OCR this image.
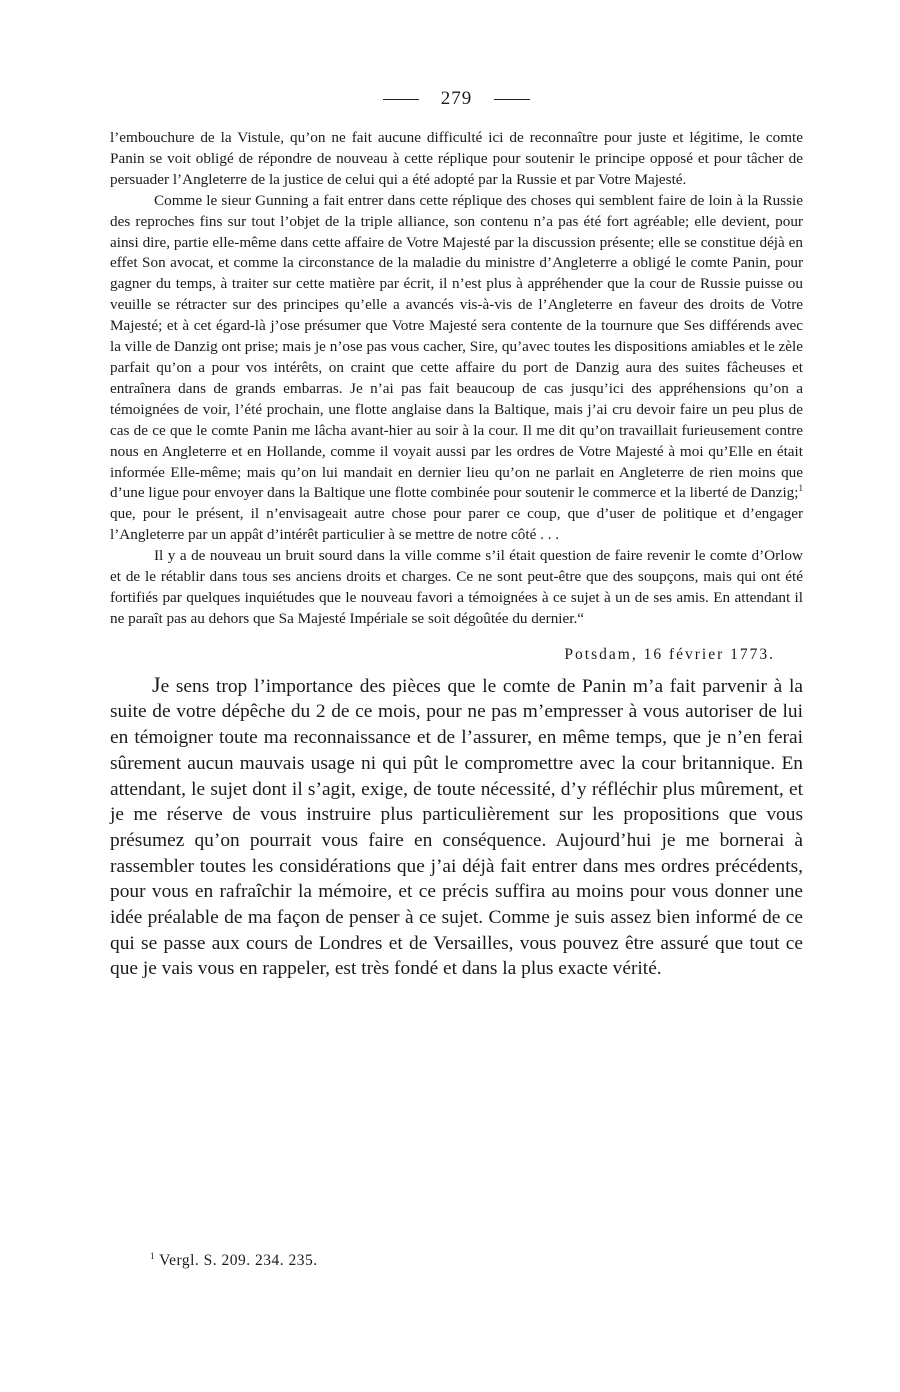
279

l’embouchure de la Vistule, qu’on ne fait aucune difficulté ici de reconnaître pour juste et légitime, le comte Panin se voit obligé de répondre de nouveau à cette réplique pour soutenir le principe opposé et pour tâcher de persuader l’Angleterre de la justice de celui qui a été adopté par la Russie et par Votre Majesté.

Comme le sieur Gunning a fait entrer dans cette réplique des choses qui semblent faire de loin à la Russie des reproches fins sur tout l’objet de la triple alliance, son contenu n’a pas été fort agréable; elle devient, pour ainsi dire, partie elle-même dans cette affaire de Votre Majesté par la discussion présente; elle se constitue déjà en effet Son avocat, et comme la circonstance de la maladie du ministre d’Angleterre a obligé le comte Panin, pour gagner du temps, à traiter sur cette matière par écrit, il n’est plus à appréhender que la cour de Russie puisse ou veuille se rétracter sur des principes qu’elle a avancés vis-à-vis de l’Angleterre en faveur des droits de Votre Majesté; et à cet égard-là j’ose présumer que Votre Majesté sera contente de la tournure que Ses différends avec la ville de Danzig ont prise; mais je n’ose pas vous cacher, Sire, qu’avec toutes les dispositions amiables et le zèle parfait qu’on a pour vos intérêts, on craint que cette affaire du port de Danzig aura des suites fâcheuses et entraînera dans de grands embarras. Je n’ai pas fait beaucoup de cas jusqu’ici des appréhensions qu’on a témoignées de voir, l’été prochain, une flotte anglaise dans la Baltique, mais j’ai cru devoir faire un peu plus de cas de ce que le comte Panin me lâcha avant-hier au soir à la cour. Il me dit qu’on travaillait furieusement contre nous en Angleterre et en Hollande, comme il voyait aussi par les ordres de Votre Majesté à moi qu’Elle en était informée Elle-même; mais qu’on lui mandait en dernier lieu qu’on ne parlait en Angleterre de rien moins que d’une ligue pour envoyer dans la Baltique une flotte combinée pour soutenir le commerce et la liberté de Danzig;$^1$ que, pour le présent, il n’envisageait autre chose pour parer ce coup, que d’user de politique et d’engager l’Angleterre par un appât d’intérêt particulier à se mettre de notre côté . . .

Il y a de nouveau un bruit sourd dans la ville comme s’il était question de faire revenir le comte d’Orlow et de le rétablir dans tous ses anciens droits et charges. Ce ne sont peut-être que des soupçons, mais qui ont été fortifiés par quelques inquiétudes que le nouveau favori a témoignées à ce sujet à un de ses amis. En attendant il ne paraît pas au dehors que Sa Majesté Impériale se soit dégoûtée du dernier.“

Potsdam, 16 février 1773.

Je sens trop l’importance des pièces que le comte de Panin m’a fait parvenir à la suite de votre dépêche du 2 de ce mois, pour ne pas m’empresser à vous autoriser de lui en témoigner toute ma reconnaissance et de l’assurer, en même temps, que je n’en ferai sûrement aucun mauvais usage ni qui pût le compromettre avec la cour britannique. En attendant, le sujet dont il s’agit, exige, de toute nécessité, d’y réfléchir plus mûrement, et je me réserve de vous instruire plus particulièrement sur les propositions que vous présumez qu’on pourrait vous faire en conséquence. Aujourd’hui je me bornerai à rassembler toutes les considérations que j’ai déjà fait entrer dans mes ordres précédents, pour vous en rafraîchir la mémoire, et ce précis suffira au moins pour vous donner une idée préalable de ma façon de penser à ce sujet. Comme je suis assez bien informé de ce qui se passe aux cours de Londres et de Versailles, vous pouvez être assuré que tout ce que je vais vous en rappeler, est très fondé et dans la plus exacte vérité.

$^1$ Vergl. S. 209. 234. 235.
